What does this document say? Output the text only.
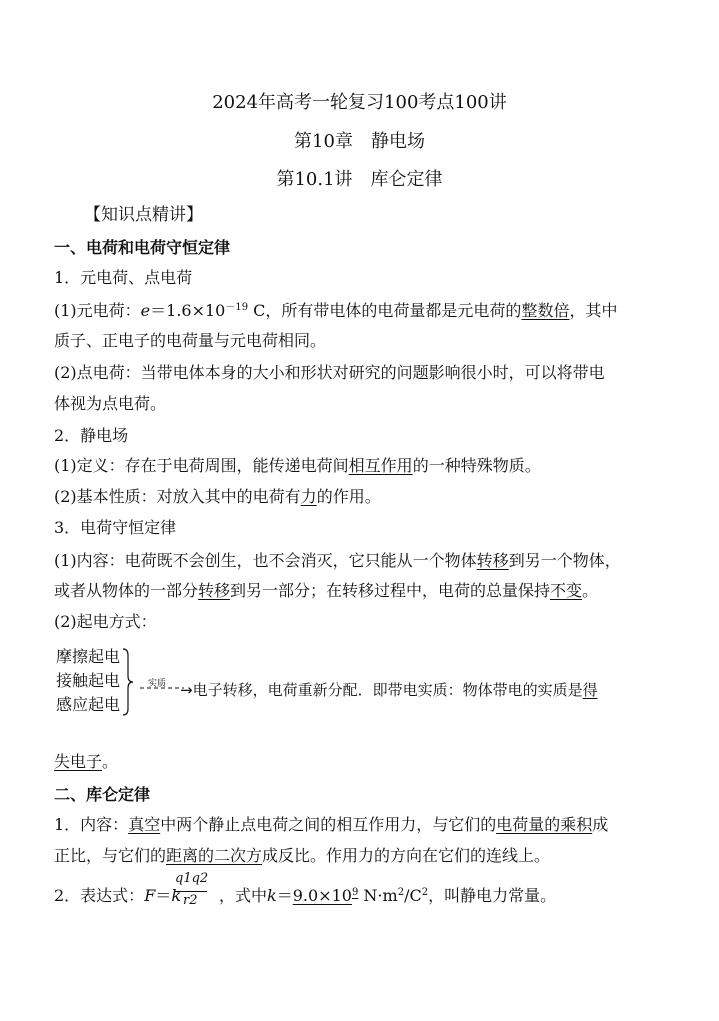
2024年高考一轮复习100考点100讲
第10章　静电场
第10.1讲　库仑定律
【知识点精讲】
一、电荷和电荷守恒定律
1．元电荷、点电荷
(1)元电荷：$e=1.6\times 10^{-19}$ C，所有带电体的电荷量都是元电荷的整数倍，其中
质子、正电子的电荷量与元电荷相同。
(2)点电荷：当带电体本身的大小和形状对研究的问题影响很小时，可以将带电
体视为点电荷。
2．静电场
(1)定义：存在于电荷周围，能传递电荷间相互作用的一种特殊物质。
(2)基本性质：对放入其中的电荷有力的作用。
3．电荷守恒定律
(1)内容：电荷既不会创生，也不会消灭，它只能从一个物体转移到另一个物体，
或者从物体的一部分转移到另一部分；在转移过程中，电荷的总量保持不变。
(2)起电方式：
摩擦起电
接触起电
感应起电
实质 →电子转移，电荷重新分配．即带电实质：物体带电的实质是得
失电子。
二、库仑定律
1．内容：真空中两个静止点电荷之间的相互作用力，与它们的电荷量的乘积成
正比，与它们的距离的二次方成反比。作用力的方向在它们的连线上。
2．表达式：F＝k ，式中$k=9.0\times 10^9$ $N\cdot m^2/C^2$，叫静电力常量。
q1q2
r2
